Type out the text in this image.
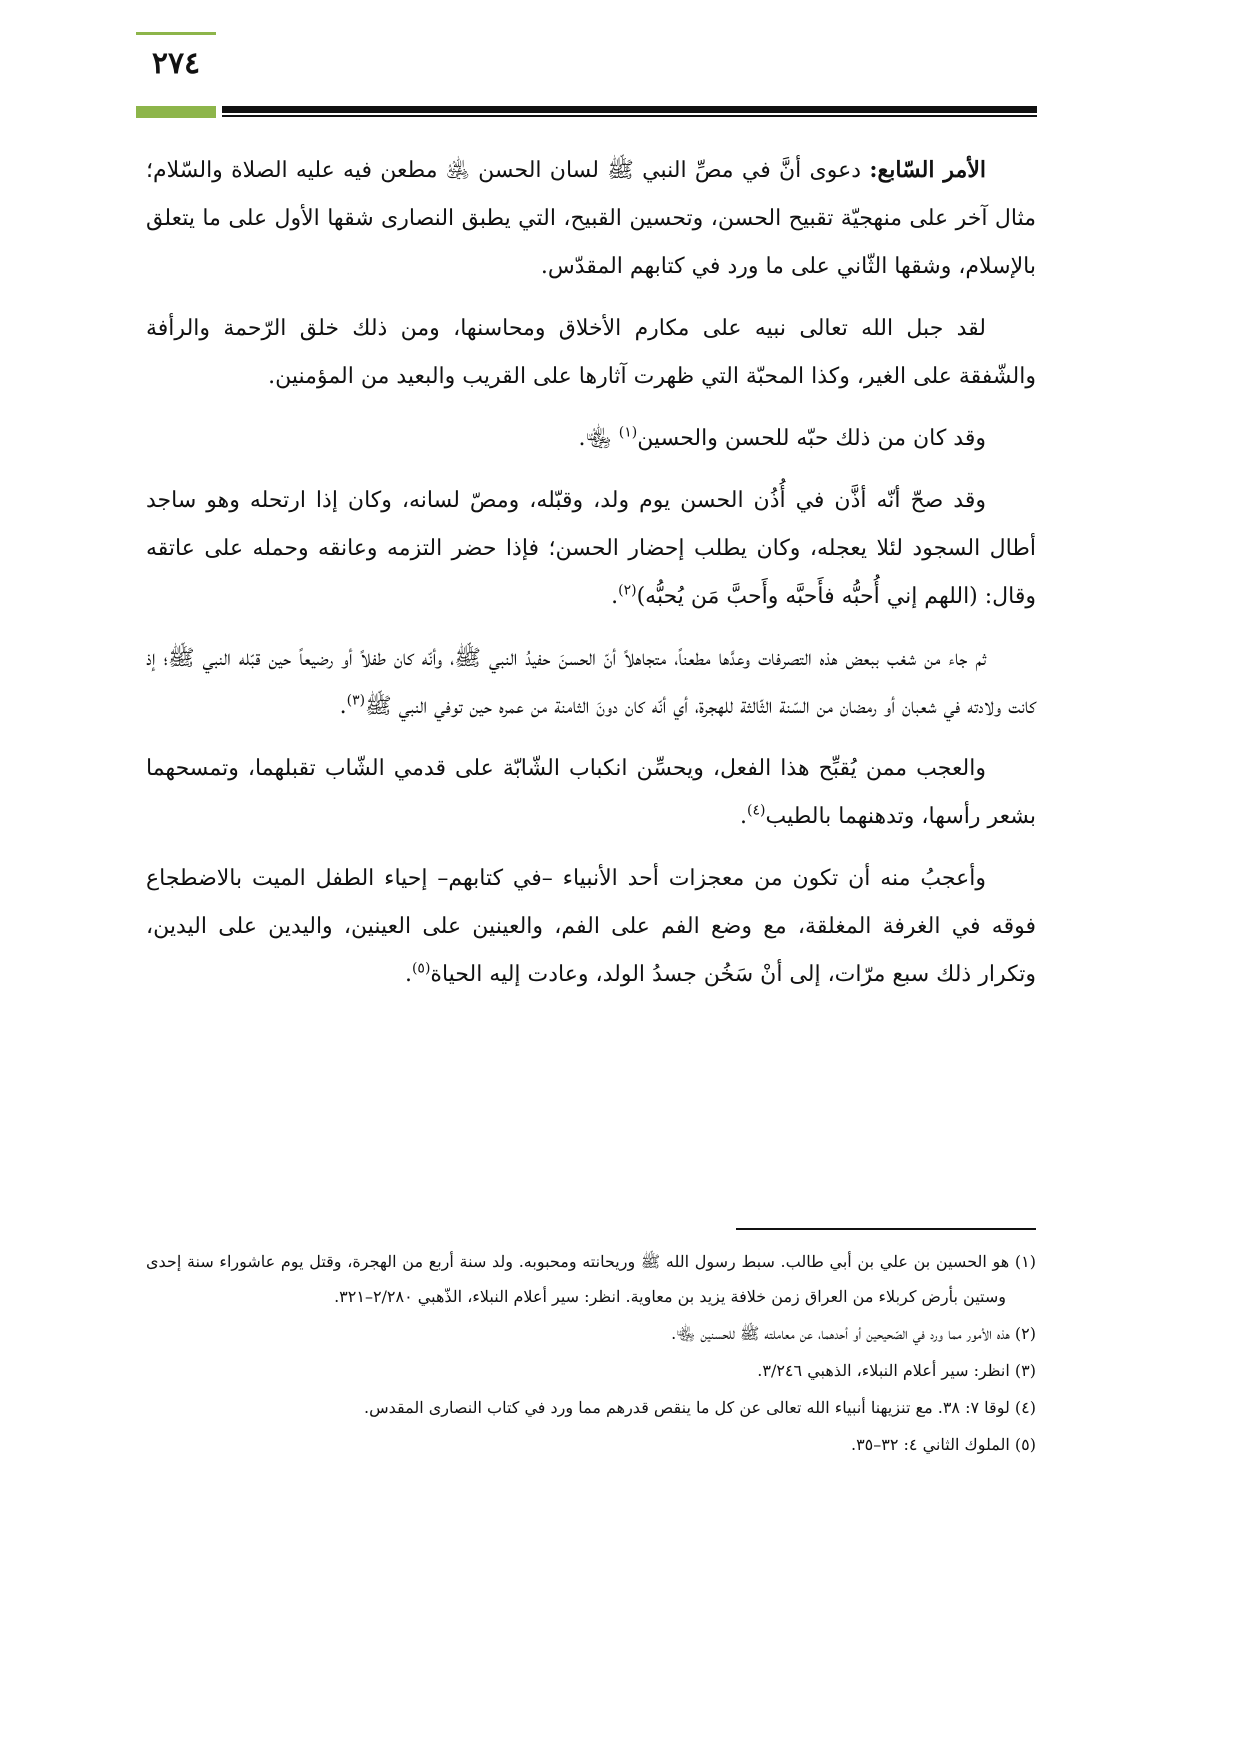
٢٧٤

الأمر السّابع: دعوى أنَّ في مصِّ النبي ﷺ لسان الحسن ﵁ مطعن فيه عليه الصلاة والسّلام؛ مثال آخر على منهجيّة تقبيح الحسن، وتحسين القبيح، التي يطبق النصارى شقها الأول على ما يتعلق بالإسلام، وشقها الثّاني على ما ورد في كتابهم المقدّس.

لقد جبل الله تعالى نبيه على مكارم الأخلاق ومحاسنها، ومن ذلك خلق الرّحمة والرأفة والشّفقة على الغير، وكذا المحبّة التي ظهرت آثارها على القريب والبعيد من المؤمنين.

وقد كان من ذلك حبّه للحسن والحسين$^{(١)}$ ﵄.

وقد صحّ أنّه أذَّن في أُذُن الحسن يوم ولد، وقبّله، ومصّ لسانه، وكان إذا ارتحله وهو ساجد أطال السجود لئلا يعجله، وكان يطلب إحضار الحسن؛ فإذا حضر التزمه وعانقه وحمله على عاتقه وقال: (اللهم إني أُحبُّه فأَحبَّه وأَحبَّ مَن يُحبُّه)$^{(٢)}$.

ثم جاء من شغب ببعض هذه التصرفات وعدَّها مطعناً، متجاهلاً أنّ الحسنَ حفيدُ النبي ﷺ، وأنّه كان طفلاً أو رضيعاً حين قبّله النبي ﷺ؛ إذ كانت ولادته في شعبان أو رمضان من السّنة الثّالثة للهجرة، أي أنّه كان دونَ الثامنة من عمره حين توفي النبي ﷺ$^{(٣)}$.

والعجب ممن يُقبِّح هذا الفعل، ويحسِّن انكباب الشّابّة على قدمي الشّاب تقبلهما، وتمسحهما بشعر رأسها، وتدهنهما بالطيب$^{(٤)}$.

وأعجبُ منه أن تكون من معجزات أحد الأنبياء –في كتابهم– إحياء الطفل الميت بالاضطجاع فوقه في الغرفة المغلقة، مع وضع الفم على الفم، والعينين على العينين، واليدين على اليدين، وتكرار ذلك سبع مرّات، إلى أنْ سَخُن جسدُ الولد، وعادت إليه الحياة$^{(٥)}$.

(١) هو الحسين بن علي بن أبي طالب. سبط رسول الله ﷺ وريحانته ومحبوبه. ولد سنة أربع من الهجرة، وقتل يوم عاشوراء سنة إحدى وستين بأرض كربلاء من العراق زمن خلافة يزيد بن معاوية. انظر: سير أعلام النبلاء، الذّهبي ٢/٢٨٠–٣٢١.

(٢) هذه الأمور مما ورد في الصّحيحين أو أحدهما، عن معاملته ﷺ للحسنين ﵄.

(٣) انظر: سير أعلام النبلاء، الذهبي ٣/٢٤٦.

(٤) لوقا ٧: ٣٨. مع تنزيهنا أنبياء الله تعالى عن كل ما ينقص قدرهم مما ورد في كتاب النصارى المقدس.

(٥) الملوك الثاني ٤: ٣٢–٣٥.
